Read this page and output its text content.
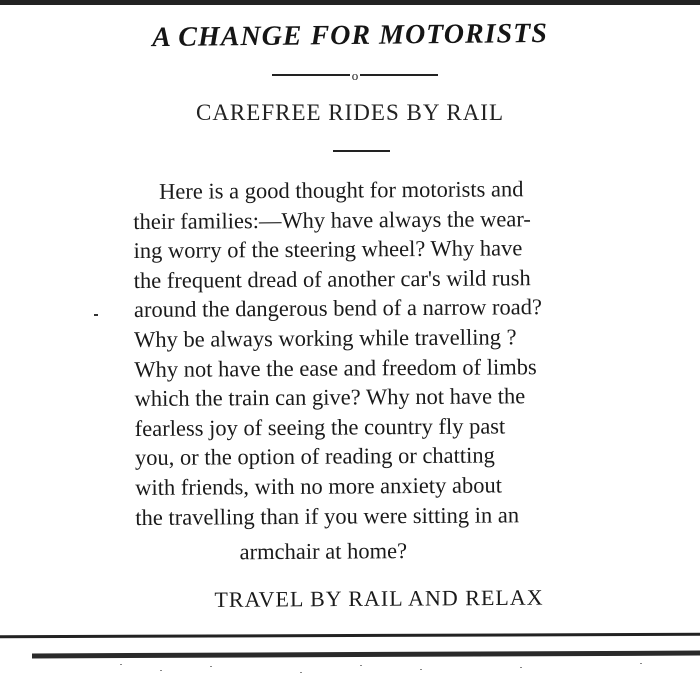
A CHANGE FOR MOTORISTS
o
CAREFREE RIDES BY RAIL
Here is a good thought for motorists and
their families:—Why have always the wear-
ing worry of the steering wheel? Why have
the frequent dread of another car's wild rush
around the dangerous bend of a narrow road?
Why be always working while travelling ?
Why not have the ease and freedom of limbs
which the train can give? Why not have the
fearless joy of seeing the country fly past
you, or the option of reading or chatting
with friends, with no more anxiety about
the travelling than if you were sitting in an
armchair at home?
TRAVEL BY RAIL AND RELAX
